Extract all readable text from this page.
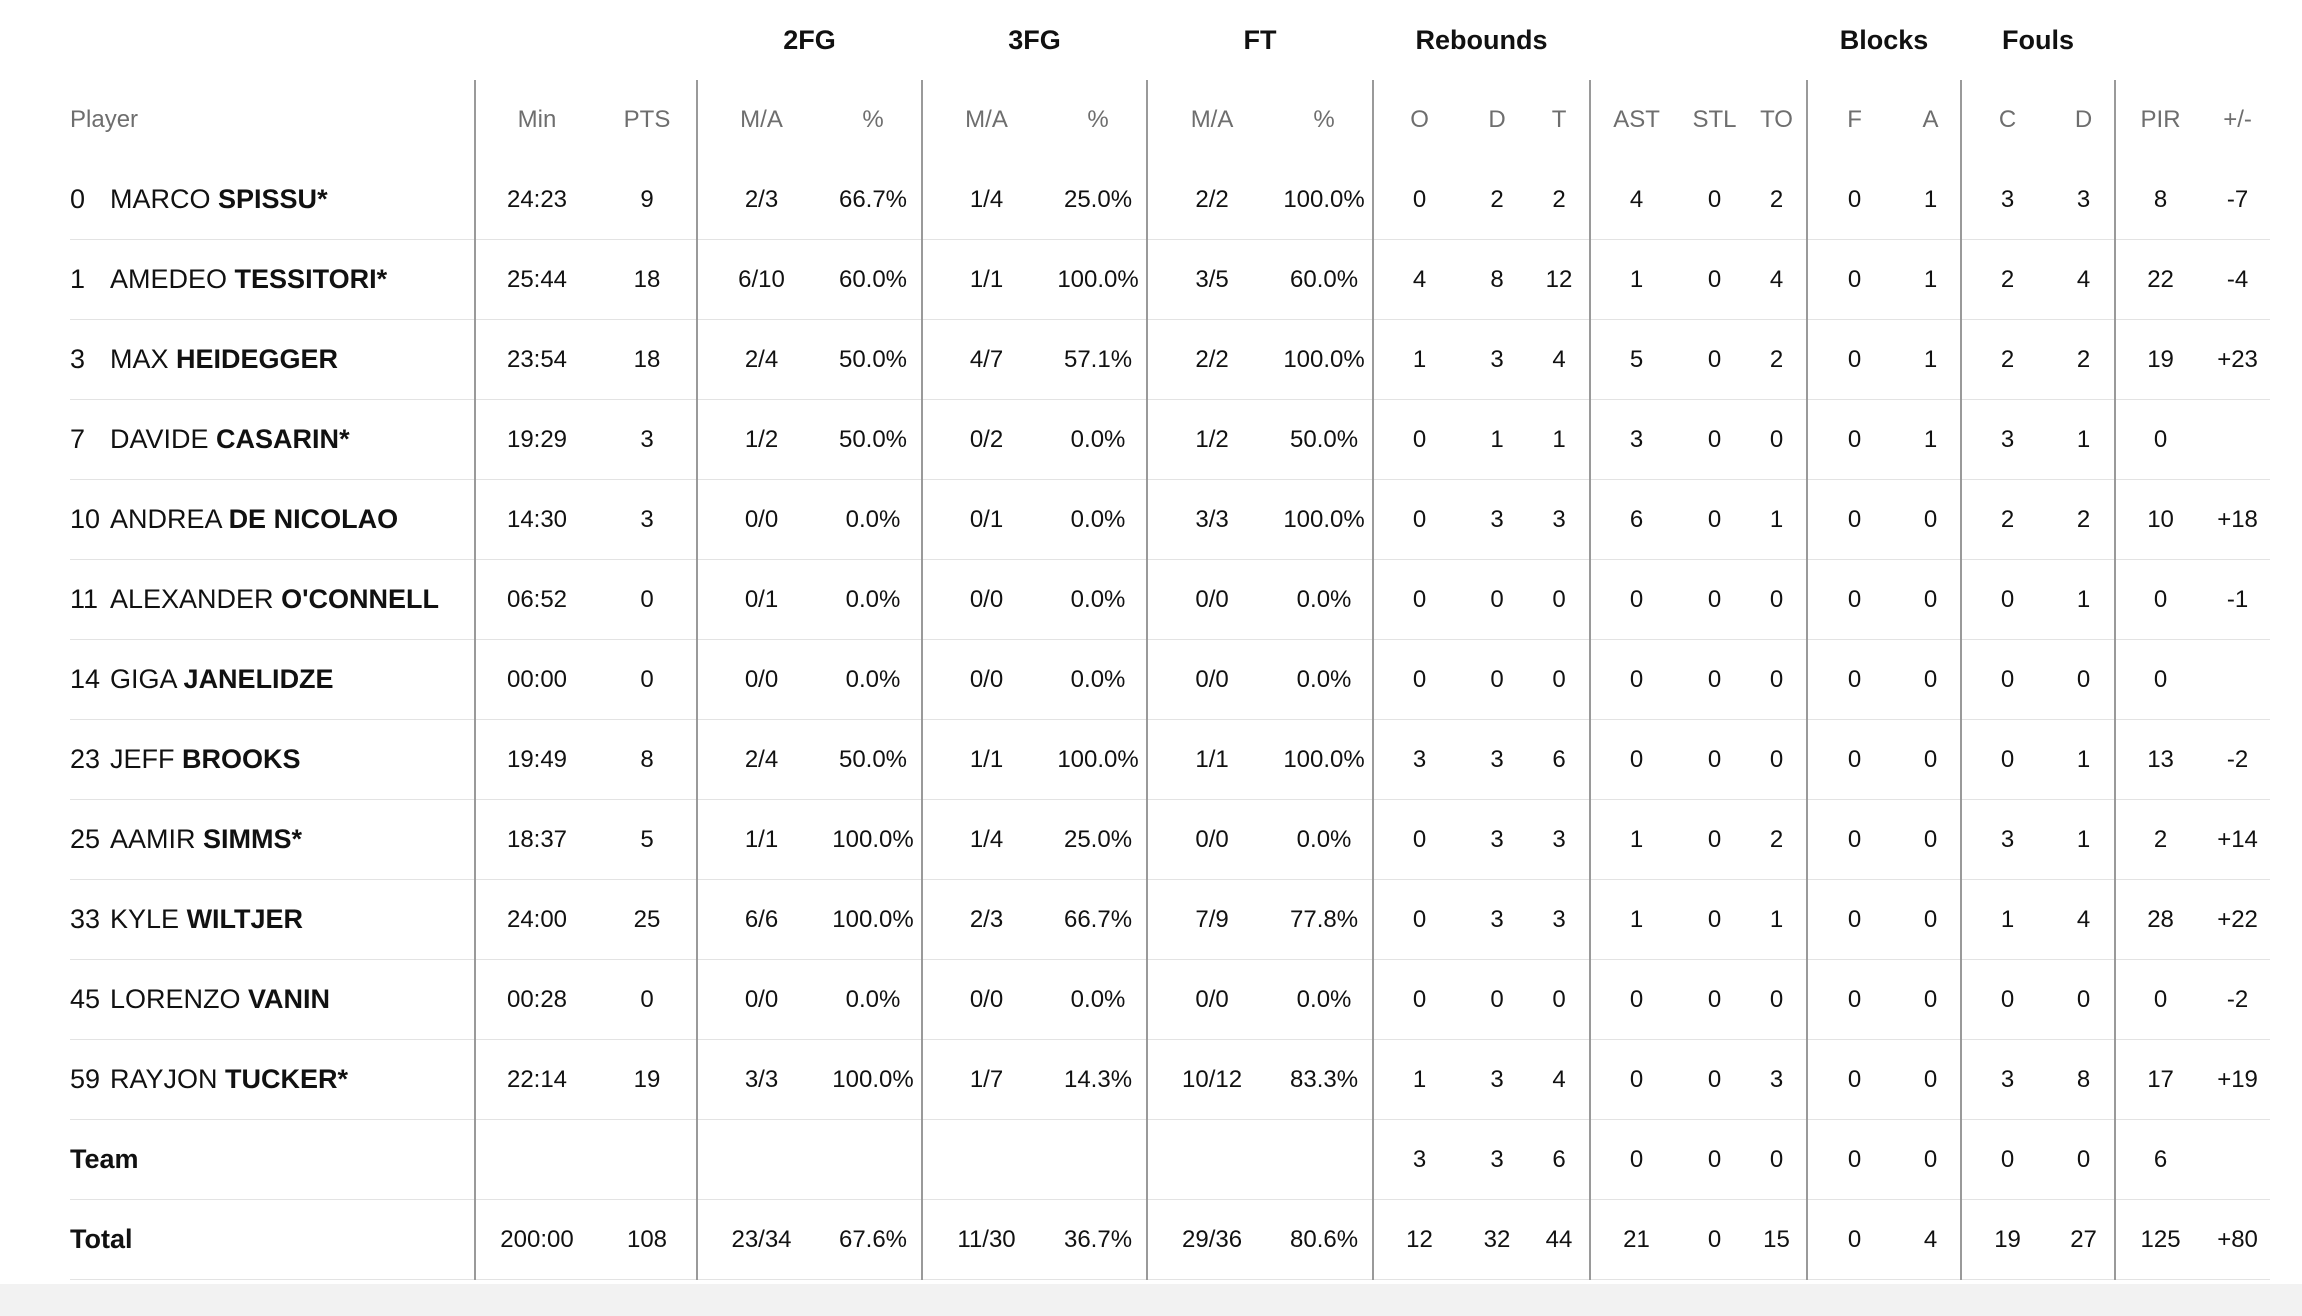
			2FG		3FG		FT		Rebounds						Blocks		Fouls			
Player	Min	PTS	M/A	%	M/A	%	M/A	%	O	D	T	AST	STL	TO	F	A	C	D	PIR	+/-
0 MARCO SPISSU*	24:23	9	2/3	66.7%	1/4	25.0%	2/2	100.0%	0	2	2	4	0	2	0	1	3	3	8	-7
1 AMEDEO TESSITORI*	25:44	18	6/10	60.0%	1/1	100.0%	3/5	60.0%	4	8	12	1	0	4	0	1	2	4	22	-4
3 MAX HEIDEGGER	23:54	18	2/4	50.0%	4/7	57.1%	2/2	100.0%	1	3	4	5	0	2	0	1	2	2	19	+23
7 DAVIDE CASARIN*	19:29	3	1/2	50.0%	0/2	0.0%	1/2	50.0%	0	1	1	3	0	0	0	1	3	1	0	
10 ANDREA DE NICOLAO	14:30	3	0/0	0.0%	0/1	0.0%	3/3	100.0%	0	3	3	6	0	1	0	0	2	2	10	+18
11 ALEXANDER O'CONNELL	06:52	0	0/1	0.0%	0/0	0.0%	0/0	0.0%	0	0	0	0	0	0	0	0	0	1	0	-1
14 GIGA JANELIDZE	00:00	0	0/0	0.0%	0/0	0.0%	0/0	0.0%	0	0	0	0	0	0	0	0	0	0	0	
23 JEFF BROOKS	19:49	8	2/4	50.0%	1/1	100.0%	1/1	100.0%	3	3	6	0	0	0	0	0	0	1	13	-2
25 AAMIR SIMMS*	18:37	5	1/1	100.0%	1/4	25.0%	0/0	0.0%	0	3	3	1	0	2	0	0	3	1	2	+14
33 KYLE WILTJER	24:00	25	6/6	100.0%	2/3	66.7%	7/9	77.8%	0	3	3	1	0	1	0	0	1	4	28	+22
45 LORENZO VANIN	00:28	0	0/0	0.0%	0/0	0.0%	0/0	0.0%	0	0	0	0	0	0	0	0	0	0	0	-2
59 RAYJON TUCKER*	22:14	19	3/3	100.0%	1/7	14.3%	10/12	83.3%	1	3	4	0	0	3	0	0	3	8	17	+19
Team									3	3	6	0	0	0	0	0	0	0	6	
Total	200:00	108	23/34	67.6%	11/30	36.7%	29/36	80.6%	12	32	44	21	0	15	0	4	19	27	125	+80
